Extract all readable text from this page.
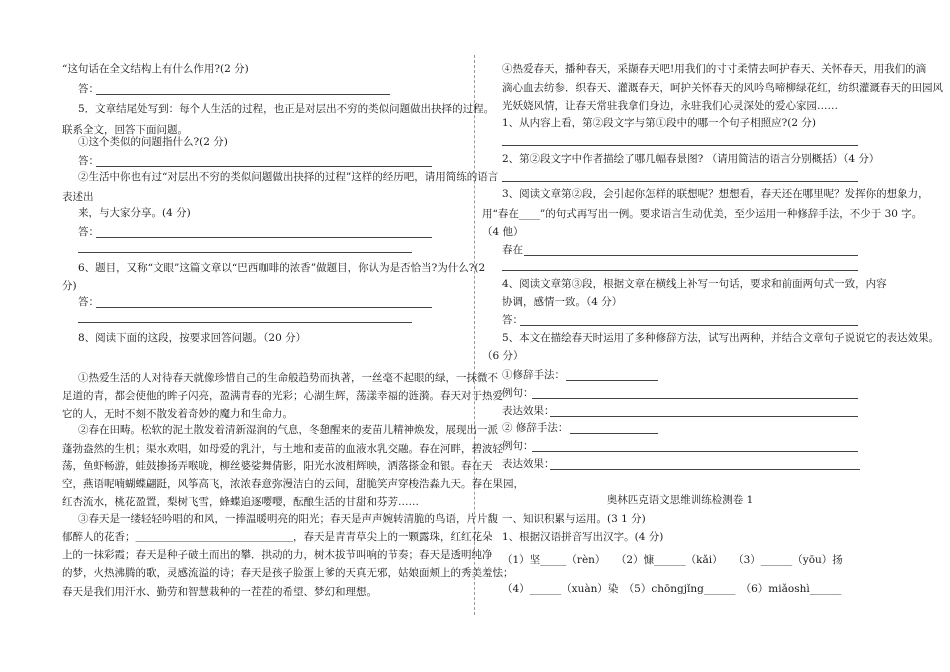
“这句话在全文结构上有什么作用?(2 分)
答：
5．文章结尾处写到：每个人生活的过程，也正是对层出不穷的类似问题做出抉择的过程。
联系全文，回答下面问题。
①这个类似的问题指什么?(2 分)
答：
②生活中你也有过“对层出不穷的类似问题做出抉择的过程”这样的经历吧，请用简练的语言
表述出
来，与大家分享。(4 分)
答：
6、题目，又称“文眼”这篇文章以“巴西咖啡的浓香”做题目，你认为是否恰当?为什么?(2
分)
答：
8、阅读下面的这段，按要求回答问题。（20 分）
①热爱生活的人对待春天就像珍惜自己的生命般趋势而执著，一丝毫不起眼的绿，一抹微不
足道的青，都会使他的眸子闪亮，盈满青春的光彩；心湖生辉，荡漾幸福的涟漪。春天对于热爱
它的人，无时不刻不散发着奇妙的魔力和生命力。
②春在田畴。松软的泥土散发着清新湿润的气息，冬憩醒来的麦苗儿精神焕发，展现出一派
蓬勃盎然的生机；渠水欢唱，如母爱的乳汁，与土地和麦苗的血液水乳交融。春在河畔，碧波轻
荡，鱼虾畅游，蛙鼓掺扬弄喉咙，柳丝婆娑舞倩影，阳光水波相辉映，洒落搽金和银。春在天
空，燕语呢喃蝴蝶翩跹，风筝高飞，浓浓春意弥漫洁白的云间，甜脆笑声穿梭浩淼九天。春在果园，
红杏流水，桃花盈置，梨树飞雪，蜂蝶追逐嘤嘤，酝酿生活的甘甜和芬芳……
③春天是一缕轻轻吟唱的和风，一捧温暖明亮的阳光；春天是声声婉转清脆的鸟语，片片馥
郁醉人的花香；＿＿＿＿＿＿＿＿＿＿＿＿＿＿＿，春天是青青草尖上的一颗露珠，红红花朵
上的一抹彩霞；春天是种子破土而出的攀．拱动的力，树木拔节叫响的节奏；春天是透明纯净
的梦，火热沸腾的歌，灵感流溢的诗；春天是孩子脸蛋上爹的天真无邪，姑娘面颊上的秀美羞怯；
春天是我们用汗水、勤劳和智慧栽种的一茬茬的希望、梦幻和理想。
④热爱春天，播种春天，采撷春天吧!用我们的寸寸柔情去呵护春天、关怀春天，用我们的滴
滴心血去纺参．织春天、灌溉春天，呵护关怀春天的风吟鸟啼柳绿花红，纺织灌溉春天的田园风
光妖娆风情，让春天常驻我拿们身边，永驻我们心灵深处的爱心家园……
1、从内容上看，第②段文字与第①段中的哪一个句子相照应?(2 分)
2、第②段文字中作者描绘了哪几幅春景图? （请用简洁的语言分别概括）（4 分）
3、阅读文章第②段，会引起你怎样的联想呢？想想看，春天还在哪里呢？发挥你的想象力，
用“春在____”的句式再写出一例。要求语言生动优美，至少运用一种修辞手法，不少于 30 字。
（4 他）
春在
4、阅读文章第③段，根据文章在横线上补写一句话，要求和前面两句式一致，内容
协调，感情一致。（4 分）
答：
5、本文在描绘春天时运用了多种修辞方法，试写出两种，并结合文章句子说说它的表达效果。
（6 分）
①修辞手法：
例句：
表达效果：
② 修辞手法：
例句：
表达效果：
奥林匹克语文思维训练检测卷 1
一、知识积累与运用。(3 1 分)
1、根据汉语拼音写出汉字。(4 分)
（1）坚_____（rèn）　　（2）慷______（kǎi）　　（3）______（yōu）扬
（4）______（xuàn）染　（5）chōngjǐng______　（6）miǎoshì______
